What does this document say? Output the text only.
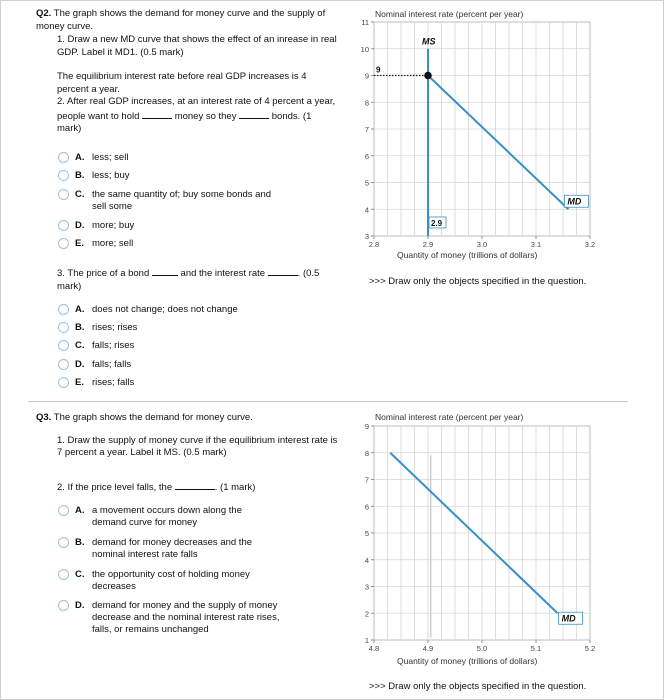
Q2. The graph shows the demand for money curve and the supply of money curve.
1. Draw a new MD curve that shows the effect of an inrease in real GDP. Label it MD1. (0.5 mark)
The equilibrium interest rate before real GDP increases is 4 percent a year.
2. After real GDP increases, at an interest rate of 4 percent a year, people want to hold	money so they	bonds. (1 mark)
A. less; sell
B. less; buy
C. the same quantity of; buy some bonds and sell some
D. more; buy
E. more; sell
3. The price of a bond	and the interest rate	. (0.5 mark)
A. does not change; does not change
B. rises; rises
C. falls; rises
D. falls; falls
E. rises; falls
Nominal interest rate (percent per year)
3
4
5
6
7
8
9
10
11
2.8	2.9	3.0	3.1	3.2
9
2.9
MS
MD
Quantity of money (trillions of dollars)
>>> Draw only the objects specified in the question.
Q3. The graph shows the demand for money curve.
1. Draw the supply of money curve if the equilibrium interest rate is 7 percent a year. Label it MS. (0.5 mark)
2. If the price level falls, the	. (1 mark)
A. a movement occurs down along the demand curve for money
B. demand for money decreases and the nominal interest rate falls
C. the opportunity cost of holding money decreases
D. demand for money and the supply of money decrease and the nominal interest rate rises, falls, or remains unchanged
Nominal interest rate (percent per year)
1
2
3
4
5
6
7
8
9
4.8	4.9	5.0	5.1	5.2
MD
Quantity of money (trillions of dollars)
>>> Draw only the objects specified in the question.
